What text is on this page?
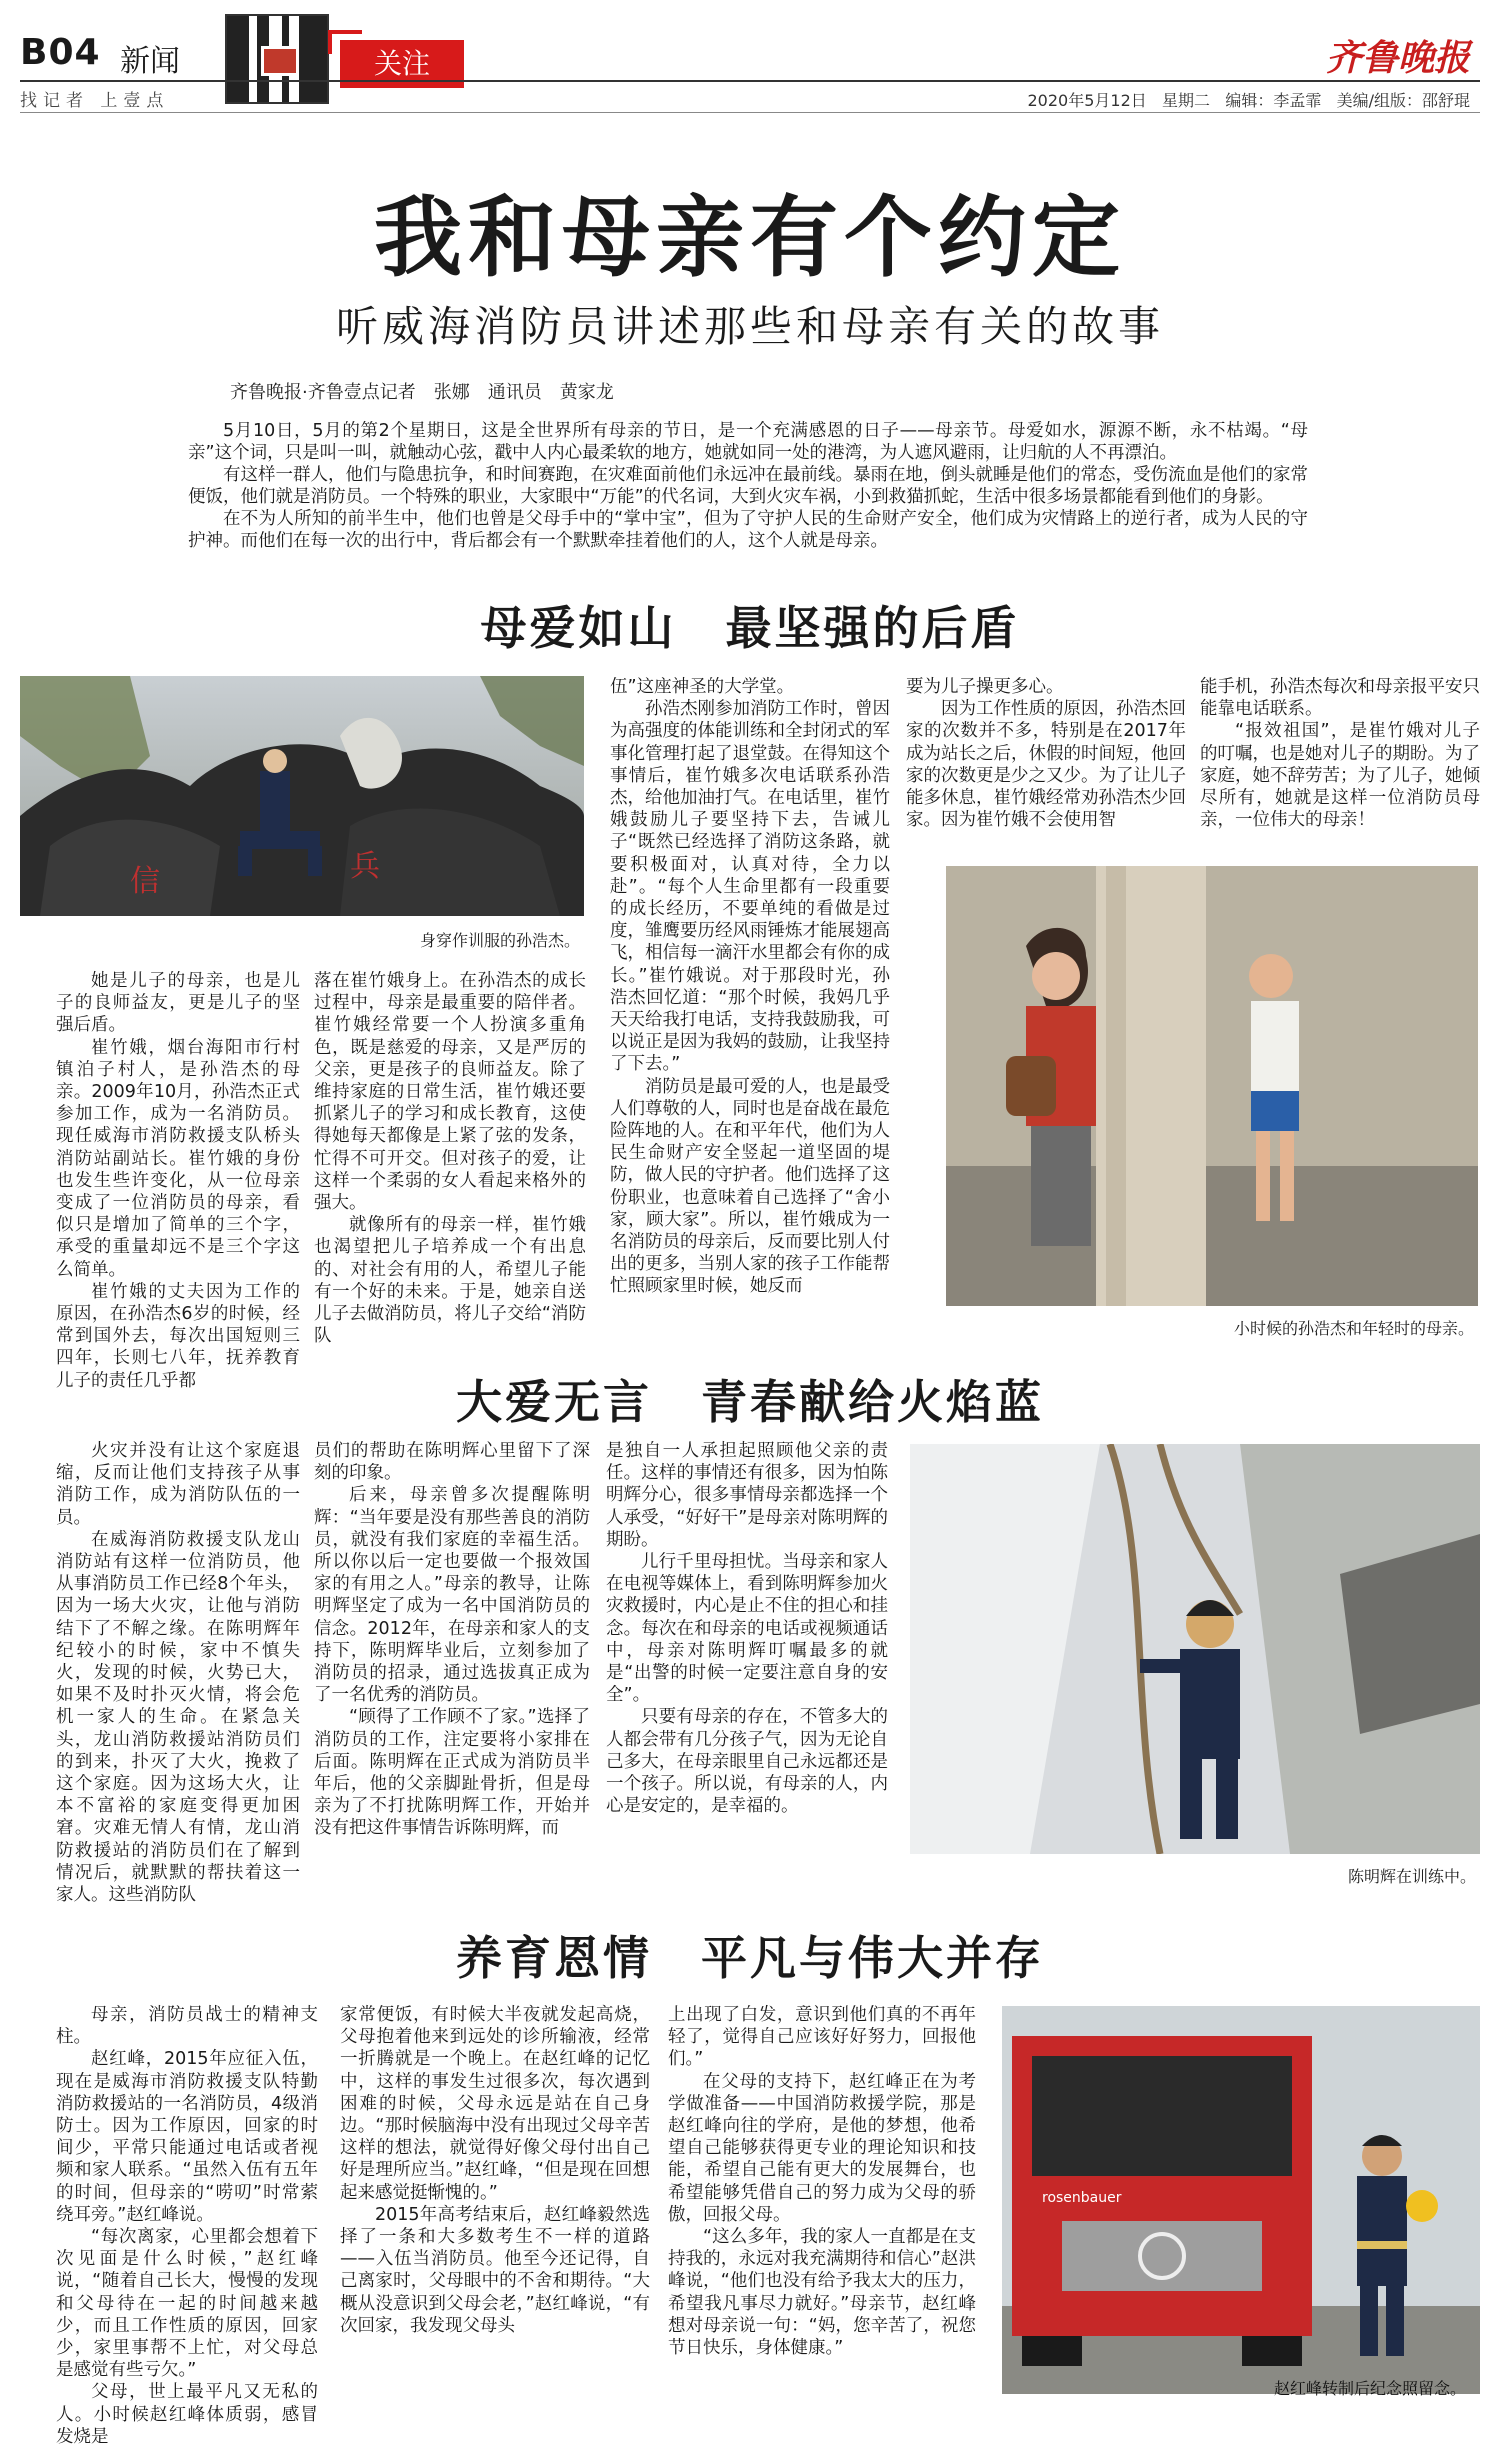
B04 新闻
找记者 上壹点
关注	齐鲁晚报
2020年5月12日 星期二 编辑：李孟霏 美编/组版：邵舒琨
我和母亲有个约定
听威海消防员讲述那些和母亲有关的故事
齐鲁晚报·齐鲁壹点记者　张娜　通讯员　黄家龙

5月10日，5月的第2个星期日，这是全世界所有母亲的节日，是一个充满感恩的日子——母亲节。母爱如水，源源不断，永不枯竭。“母亲”这个词，只是叫一叫，就触动心弦，戳中人内心最柔软的地方，她就如同一处的港湾，为人遮风避雨，让归航的人不再漂泊。

有这样一群人，他们与隐患抗争，和时间赛跑，在灾难面前他们永远冲在最前线。暴雨在地，倒头就睡是他们的常态，受伤流血是他们的家常便饭，他们就是消防员。一个特殊的职业，大家眼中“万能”的代名词，大到火灾车祸，小到救猫抓蛇，生活中很多场景都能看到他们的身影。

在不为人所知的前半生中，他们也曾是父母手中的“掌中宝”，但为了守护人民的生命财产安全，他们成为灾情路上的逆行者，成为人民的守护神。而他们在每一次的出行中，背后都会有一个默默牵挂着他们的人，这个人就是母亲。

母爱如山　最坚强的后盾
信	兵
身穿作训服的孙浩杰。

她是儿子的母亲，也是儿子的良师益友，更是儿子的坚强后盾。

崔竹娥，烟台海阳市行村镇泊子村人，是孙浩杰的母亲。2009年10月，孙浩杰正式参加工作，成为一名消防员。现任威海市消防救援支队桥头消防站副站长。崔竹娥的身份也发生些许变化，从一位母亲变成了一位消防员的母亲，看似只是增加了简单的三个字，承受的重量却远不是三个字这么简单。

崔竹娥的丈夫因为工作的原因，在孙浩杰6岁的时候，经常到国外去，每次出国短则三四年，长则七八年，抚养教育儿子的责任几乎都

落在崔竹娥身上。在孙浩杰的成长过程中，母亲是最重要的陪伴者。崔竹娥经常要一个人扮演多重角色，既是慈爱的母亲，又是严厉的父亲，更是孩子的良师益友。除了维持家庭的日常生活，崔竹娥还要抓紧儿子的学习和成长教育，这使得她每天都像是上紧了弦的发条，忙得不可开交。但对孩子的爱，让这样一个柔弱的女人看起来格外的强大。

就像所有的母亲一样，崔竹娥也渴望把儿子培养成一个有出息的、对社会有用的人，希望儿子能有一个好的未来。于是，她亲自送儿子去做消防员，将儿子交给“消防队

伍”这座神圣的大学堂。

孙浩杰刚参加消防工作时，曾因为高强度的体能训练和全封闭式的军事化管理打起了退堂鼓。在得知这个事情后，崔竹娥多次电话联系孙浩杰，给他加油打气。在电话里，崔竹娥鼓励儿子要坚持下去，告诫儿子“既然已经选择了消防这条路，就要积极面对，认真对待，全力以赴”。“每个人生命里都有一段重要的成长经历，不要单纯的看做是过度，雏鹰要历经风雨锤炼才能展翅高飞，相信每一滴汗水里都会有你的成长。”崔竹娥说。对于那段时光，孙浩杰回忆道：“那个时候，我妈几乎天天给我打电话，支持我鼓励我，可以说正是因为我妈的鼓励，让我坚持了下去。”

消防员是最可爱的人，也是最受人们尊敬的人，同时也是奋战在最危险阵地的人。在和平年代，他们为人民生命财产安全竖起一道坚固的堤防，做人民的守护者。他们选择了这份职业，也意味着自己选择了“舍小家，顾大家”。所以，崔竹娥成为一名消防员的母亲后，反而要比别人付出的更多，当别人家的孩子工作能帮忙照顾家里时候，她反而

要为儿子操更多心。

因为工作性质的原因，孙浩杰回家的次数并不多，特别是在2017年成为站长之后，休假的时间短，他回家的次数更是少之又少。为了让儿子能多休息，崔竹娥经常劝孙浩杰少回家。因为崔竹娥不会使用智

能手机，孙浩杰每次和母亲报平安只能靠电话联系。

“报效祖国”，是崔竹娥对儿子的叮嘱，也是她对儿子的期盼。为了家庭，她不辞劳苦；为了儿子，她倾尽所有，她就是这样一位消防员母亲，一位伟大的母亲！

小时候的孙浩杰和年轻时的母亲。
大爱无言　青春献给火焰蓝

火灾并没有让这个家庭退缩，反而让他们支持孩子从事消防工作，成为消防队伍的一员。

在威海消防救援支队龙山消防站有这样一位消防员，他从事消防员工作已经8个年头，因为一场大火灾，让他与消防结下了不解之缘。在陈明辉年纪较小的时候，家中不慎失火，发现的时候，火势已大，如果不及时扑灭火情，将会危机一家人的生命。在紧急关头，龙山消防救援站消防员们的到来，扑灭了大火，挽救了这个家庭。因为这场大火，让本不富裕的家庭变得更加困窘。灾难无情人有情，龙山消防救援站的消防员们在了解到情况后，就默默的帮扶着这一家人。这些消防队

员们的帮助在陈明辉心里留下了深刻的印象。

后来，母亲曾多次提醒陈明辉：“当年要是没有那些善良的消防员，就没有我们家庭的幸福生活。所以你以后一定也要做一个报效国家的有用之人。”母亲的教导，让陈明辉坚定了成为一名中国消防员的信念。2012年，在母亲和家人的支持下，陈明辉毕业后，立刻参加了消防员的招录，通过选拔真正成为了一名优秀的消防员。

“顾得了工作顾不了家。”选择了消防员的工作，注定要将小家排在后面。陈明辉在正式成为消防员半年后，他的父亲脚趾骨折，但是母亲为了不打扰陈明辉工作，开始并没有把这件事情告诉陈明辉，而

是独自一人承担起照顾他父亲的责任。这样的事情还有很多，因为怕陈明辉分心，很多事情母亲都选择一个人承受，“好好干”是母亲对陈明辉的期盼。

儿行千里母担忧。当母亲和家人在电视等媒体上，看到陈明辉参加火灾救援时，内心是止不住的担心和挂念。每次在和母亲的电话或视频通话中，母亲对陈明辉叮嘱最多的就是“出警的时候一定要注意自身的安全”。

只要有母亲的存在，不管多大的人都会带有几分孩子气，因为无论自己多大，在母亲眼里自己永远都还是一个孩子。所以说，有母亲的人，内心是安定的，是幸福的。

陈明辉在训练中。
养育恩情　平凡与伟大并存

母亲，消防员战士的精神支柱。

赵红峰，2015年应征入伍，现在是威海市消防救援支队特勤消防救援站的一名消防员，4级消防士。因为工作原因，回家的时间少，平常只能通过电话或者视频和家人联系。“虽然入伍有五年的时间，但母亲的“唠叨”时常萦绕耳旁。”赵红峰说。

“每次离家，心里都会想着下次见面是什么时候，”赵红峰说，“随着自己长大，慢慢的发现和父母待在一起的时间越来越少，而且工作性质的原因，回家少，家里事帮不上忙，对父母总是感觉有些亏欠。”

父母，世上最平凡又无私的人。小时候赵红峰体质弱，感冒发烧是

家常便饭，有时候大半夜就发起高烧，父母抱着他来到远处的诊所输液，经常一折腾就是一个晚上。在赵红峰的记忆中，这样的事发生过很多次，每次遇到困难的时候，父母永远是站在自己身边。“那时候脑海中没有出现过父母辛苦这样的想法，就觉得好像父母付出自己好是理所应当。”赵红峰，“但是现在回想起来感觉挺惭愧的。”

2015年高考结束后，赵红峰毅然选择了一条和大多数考生不一样的道路——入伍当消防员。他至今还记得，自己离家时，父母眼中的不舍和期待。“大概从没意识到父母会老，”赵红峰说，“有次回家，我发现父母头

上出现了白发，意识到他们真的不再年轻了，觉得自己应该好好努力，回报他们。”

在父母的支持下，赵红峰正在为考学做准备——中国消防救援学院，那是赵红峰向往的学府，是他的梦想，他希望自己能够获得更专业的理论知识和技能，希望自己能有更大的发展舞台，也希望能够凭借自己的努力成为父母的骄傲，回报父母。

“这么多年，我的家人一直都是在支持我的，永远对我充满期待和信心”赵洪峰说，“他们也没有给予我太大的压力，希望我凡事尽力就好。”母亲节，赵红峰想对母亲说一句：“妈，您辛苦了，祝您节日快乐，身体健康。”

rosenbauer
赵红峰转制后纪念照留念。
